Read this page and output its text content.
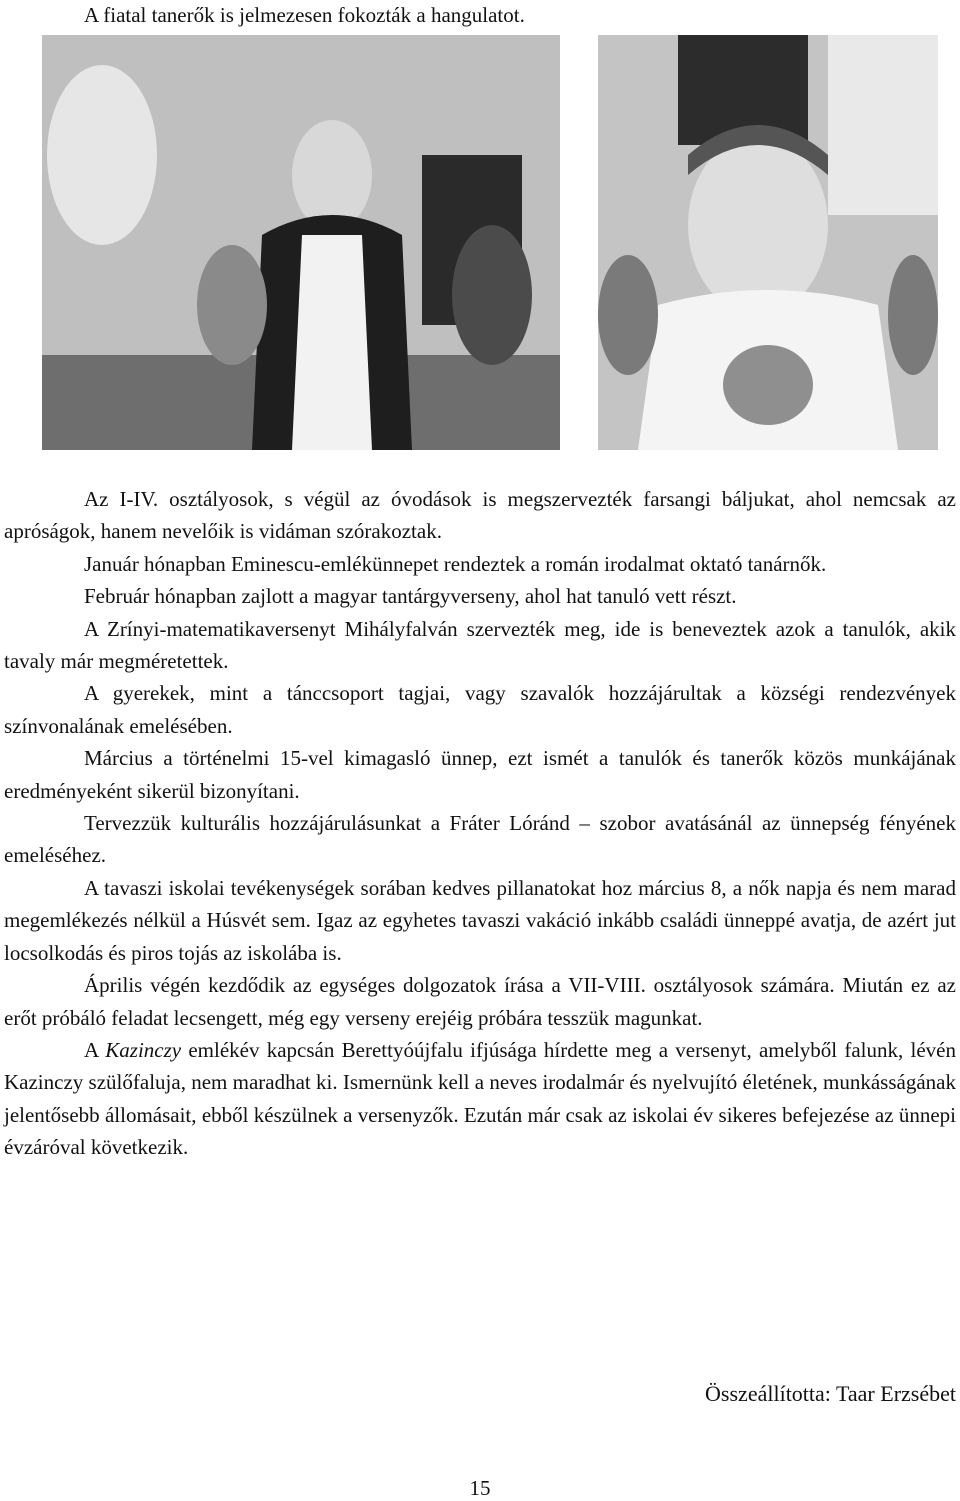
A fiatal tanerők is jelmezesen fokozták a hangulatot.

Az I-IV. osztályosok, s végül az óvodások is megszervezték farsangi báljukat, ahol nemcsak az apróságok, hanem nevelőik is vidáman szórakoztak.

Január hónapban Eminescu-emlékünnepet rendeztek a román irodalmat oktató tanárnők.

Február hónapban zajlott a magyar tantárgyverseny, ahol hat tanuló vett részt.

A Zrínyi-matematikaversenyt Mihályfalván szervezték meg, ide is beneveztek azok a tanulók, akik tavaly már megméretettek.

A gyerekek, mint a tánccsoport tagjai, vagy szavalók hozzájárultak a községi rendezvények színvonalának emelésében.

Március a történelmi 15-vel kimagasló ünnep, ezt ismét a tanulók és tanerők közös munkájának eredményeként sikerül bizonyítani.

Tervezzük kulturális hozzájárulásunkat a Fráter Lóránd – szobor avatásánál az ünnepség fényének emeléséhez.

A tavaszi iskolai tevékenységek sorában kedves pillanatokat hoz március 8, a nők napja és nem marad megemlékezés nélkül a Húsvét sem. Igaz az egyhetes tavaszi vakáció inkább családi ünneppé avatja, de azért jut locsolkodás és piros tojás az iskolába is.

Április végén kezdődik az egységes dolgozatok írása a VII-VIII. osztályosok számára. Miután ez az erőt próbáló feladat lecsengett, még egy verseny erejéig próbára tesszük magunkat.

A Kazinczy emlékév kapcsán Berettyóújfalu ifjúsága hírdette meg a versenyt, amelyből falunk, lévén Kazinczy szülőfaluja, nem maradhat ki. Ismernünk kell a neves irodalmár és nyelvujító életének, munkásságának jelentősebb állomásait, ebből készülnek a versenyzők. Ezután már csak az iskolai év sikeres befejezése az ünnepi évzáróval következik.

Összeállította: Taar Erzsébet
15
